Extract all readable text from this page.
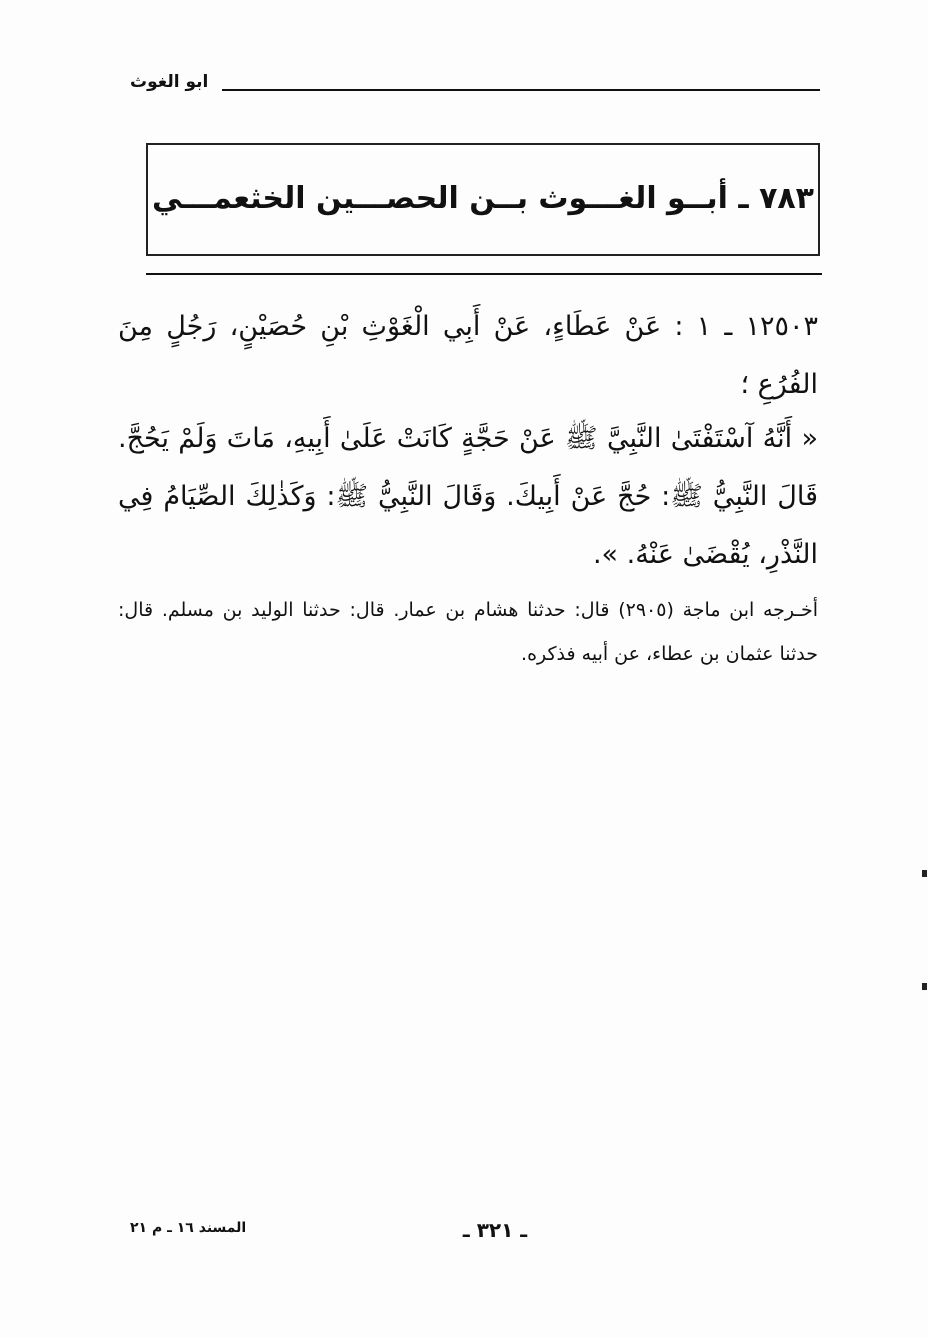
ابو الغوث
٧٨٣ ـ أبــو الغـــوث بــن الحصـــين الخثعمـــي
١٢٥٠٣ ـ ١ : عَنْ عَطَاءٍ، عَنْ أَبِي الْغَوْثِ بْنِ حُصَيْنٍ، رَجُلٍ مِنَ الفُرُعِ ؛
« أَنَّهُ آسْتَفْتَىٰ النَّبِيَّ ﷺ عَنْ حَجَّةٍ كَانَتْ عَلَىٰ أَبِيهِ، مَاتَ وَلَمْ يَحُجَّ. قَالَ النَّبِيُّ ﷺ: حُجَّ عَنْ أَبِيكَ. وَقَالَ النَّبِيُّ ﷺ: وَكَذٰلِكَ الصِّيَامُ فِي النَّذْرِ، يُقْضَىٰ عَنْهُ. ».
أخـرجه ابن ماجة (٢٩٠٥) قال: حدثنا هشام بن عمار. قال: حدثنا الوليد بن مسلم. قال: حدثنا عثمان بن عطاء، عن أبيه فذكره.
المسند ١٦ ـ م ٢١	ـ ٣٢١ ـ
